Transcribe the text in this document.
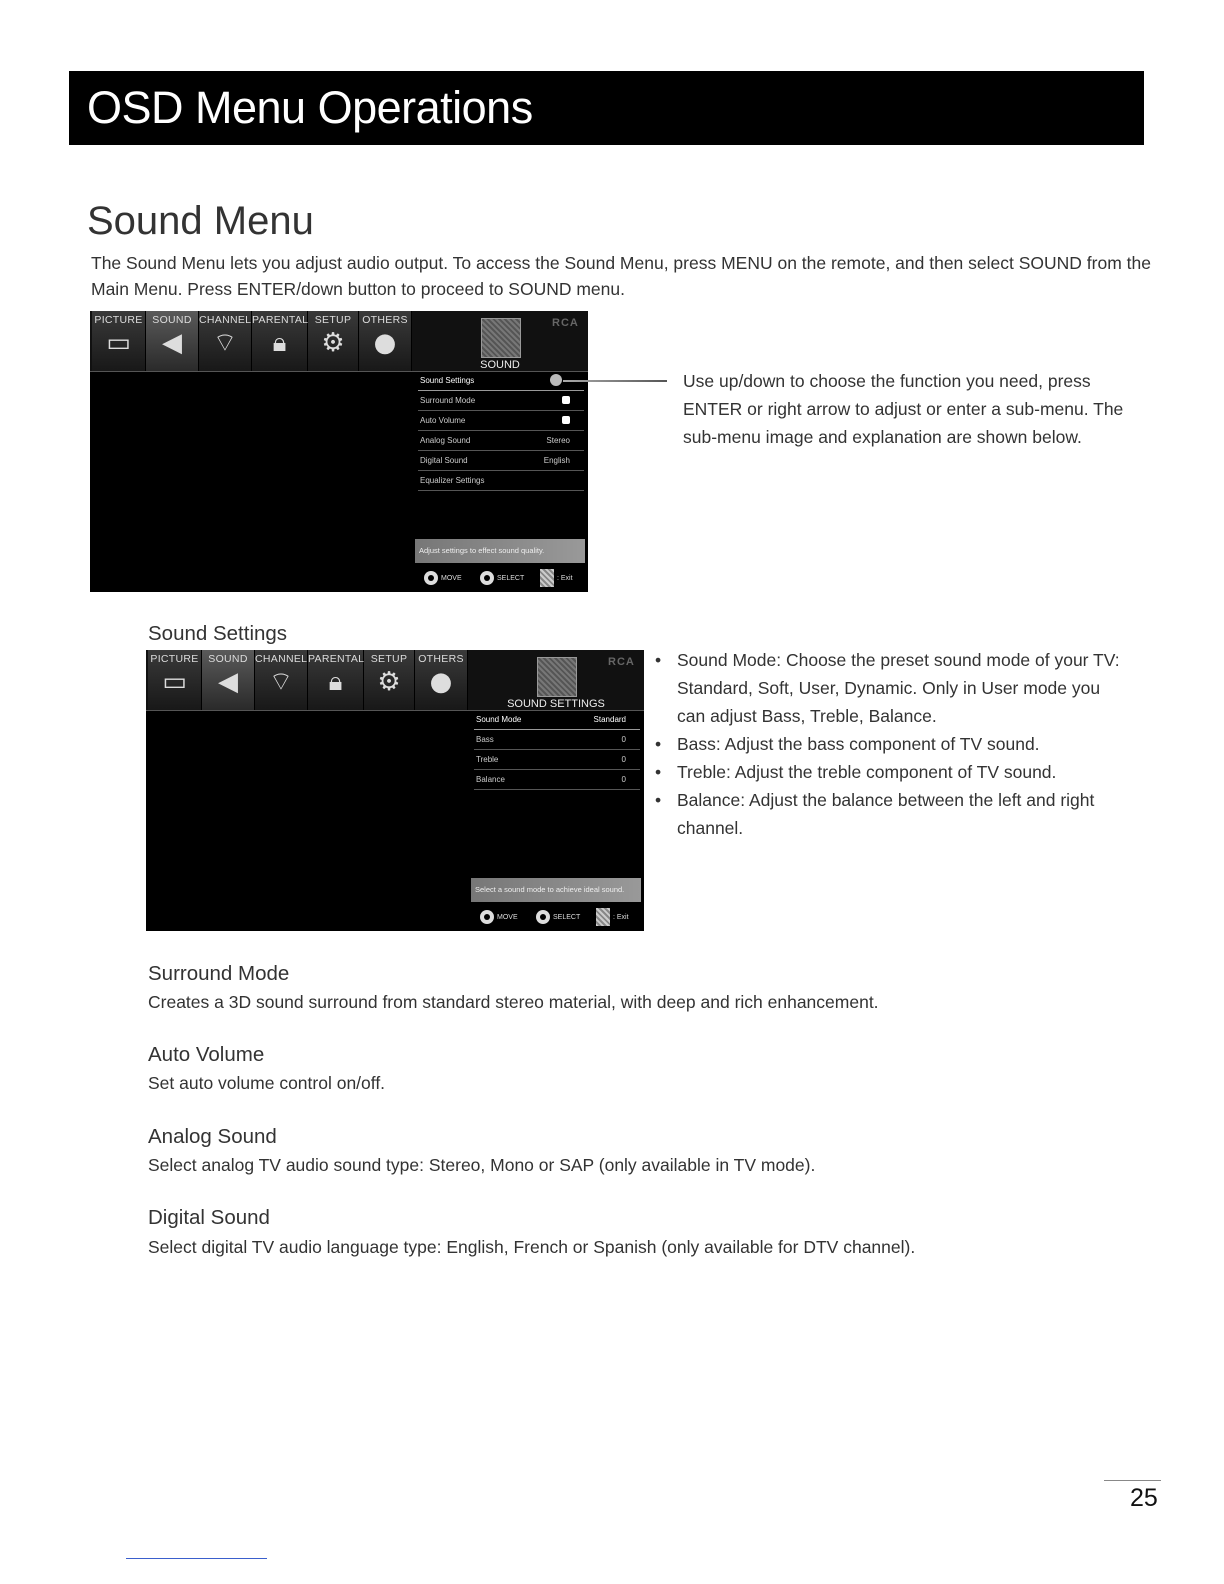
OSD Menu Operations
Sound Menu
The Sound Menu lets you adjust audio output. To access the Sound Menu, press MENU on the remote, and then select SOUND from the Main Menu. Press ENTER/down button to proceed to SOUND menu.
PICTURE
▭
SOUND
◀
CHANNEL
⌔
PARENTAL
🔒︎
SETUP
⚙
OTHERS
●
RCA
SOUND
Sound Settings
Surround Mode
Auto Volume
Analog Sound	Stereo
Digital Sound	English
Equalizer Settings
Adjust settings to effect sound quality.
MOVE	SELECT	: Exit
Use up/down to choose the function you need, press ENTER or right arrow to adjust or enter a sub-menu. The sub-menu image and explanation are shown below.
Sound Settings
PICTURE
▭
SOUND
◀
CHANNEL
⌔
PARENTAL
🔒︎
SETUP
⚙
OTHERS
●
RCA
SOUND SETTINGS
Sound Mode	Standard
Bass	0
Treble	0
Balance	0
Select a sound mode to achieve ideal sound.
MOVE	SELECT	: Exit
• Sound Mode: Choose the preset sound mode of your TV: Standard, Soft, User, Dynamic. Only in User mode you can adjust Bass, Treble, Balance.
• Bass: Adjust the bass component of TV sound.
• Treble: Adjust the treble component of TV sound.
• Balance: Adjust the balance between the left and right channel.
Surround Mode
Creates a 3D sound surround from standard stereo material, with deep and rich enhancement.
Auto Volume
Set auto volume control on/off.
Analog Sound
Select analog TV audio sound type: Stereo, Mono or SAP (only available in TV mode).
Digital Sound
Select digital TV audio language type: English, French or Spanish (only available for DTV channel).
25
